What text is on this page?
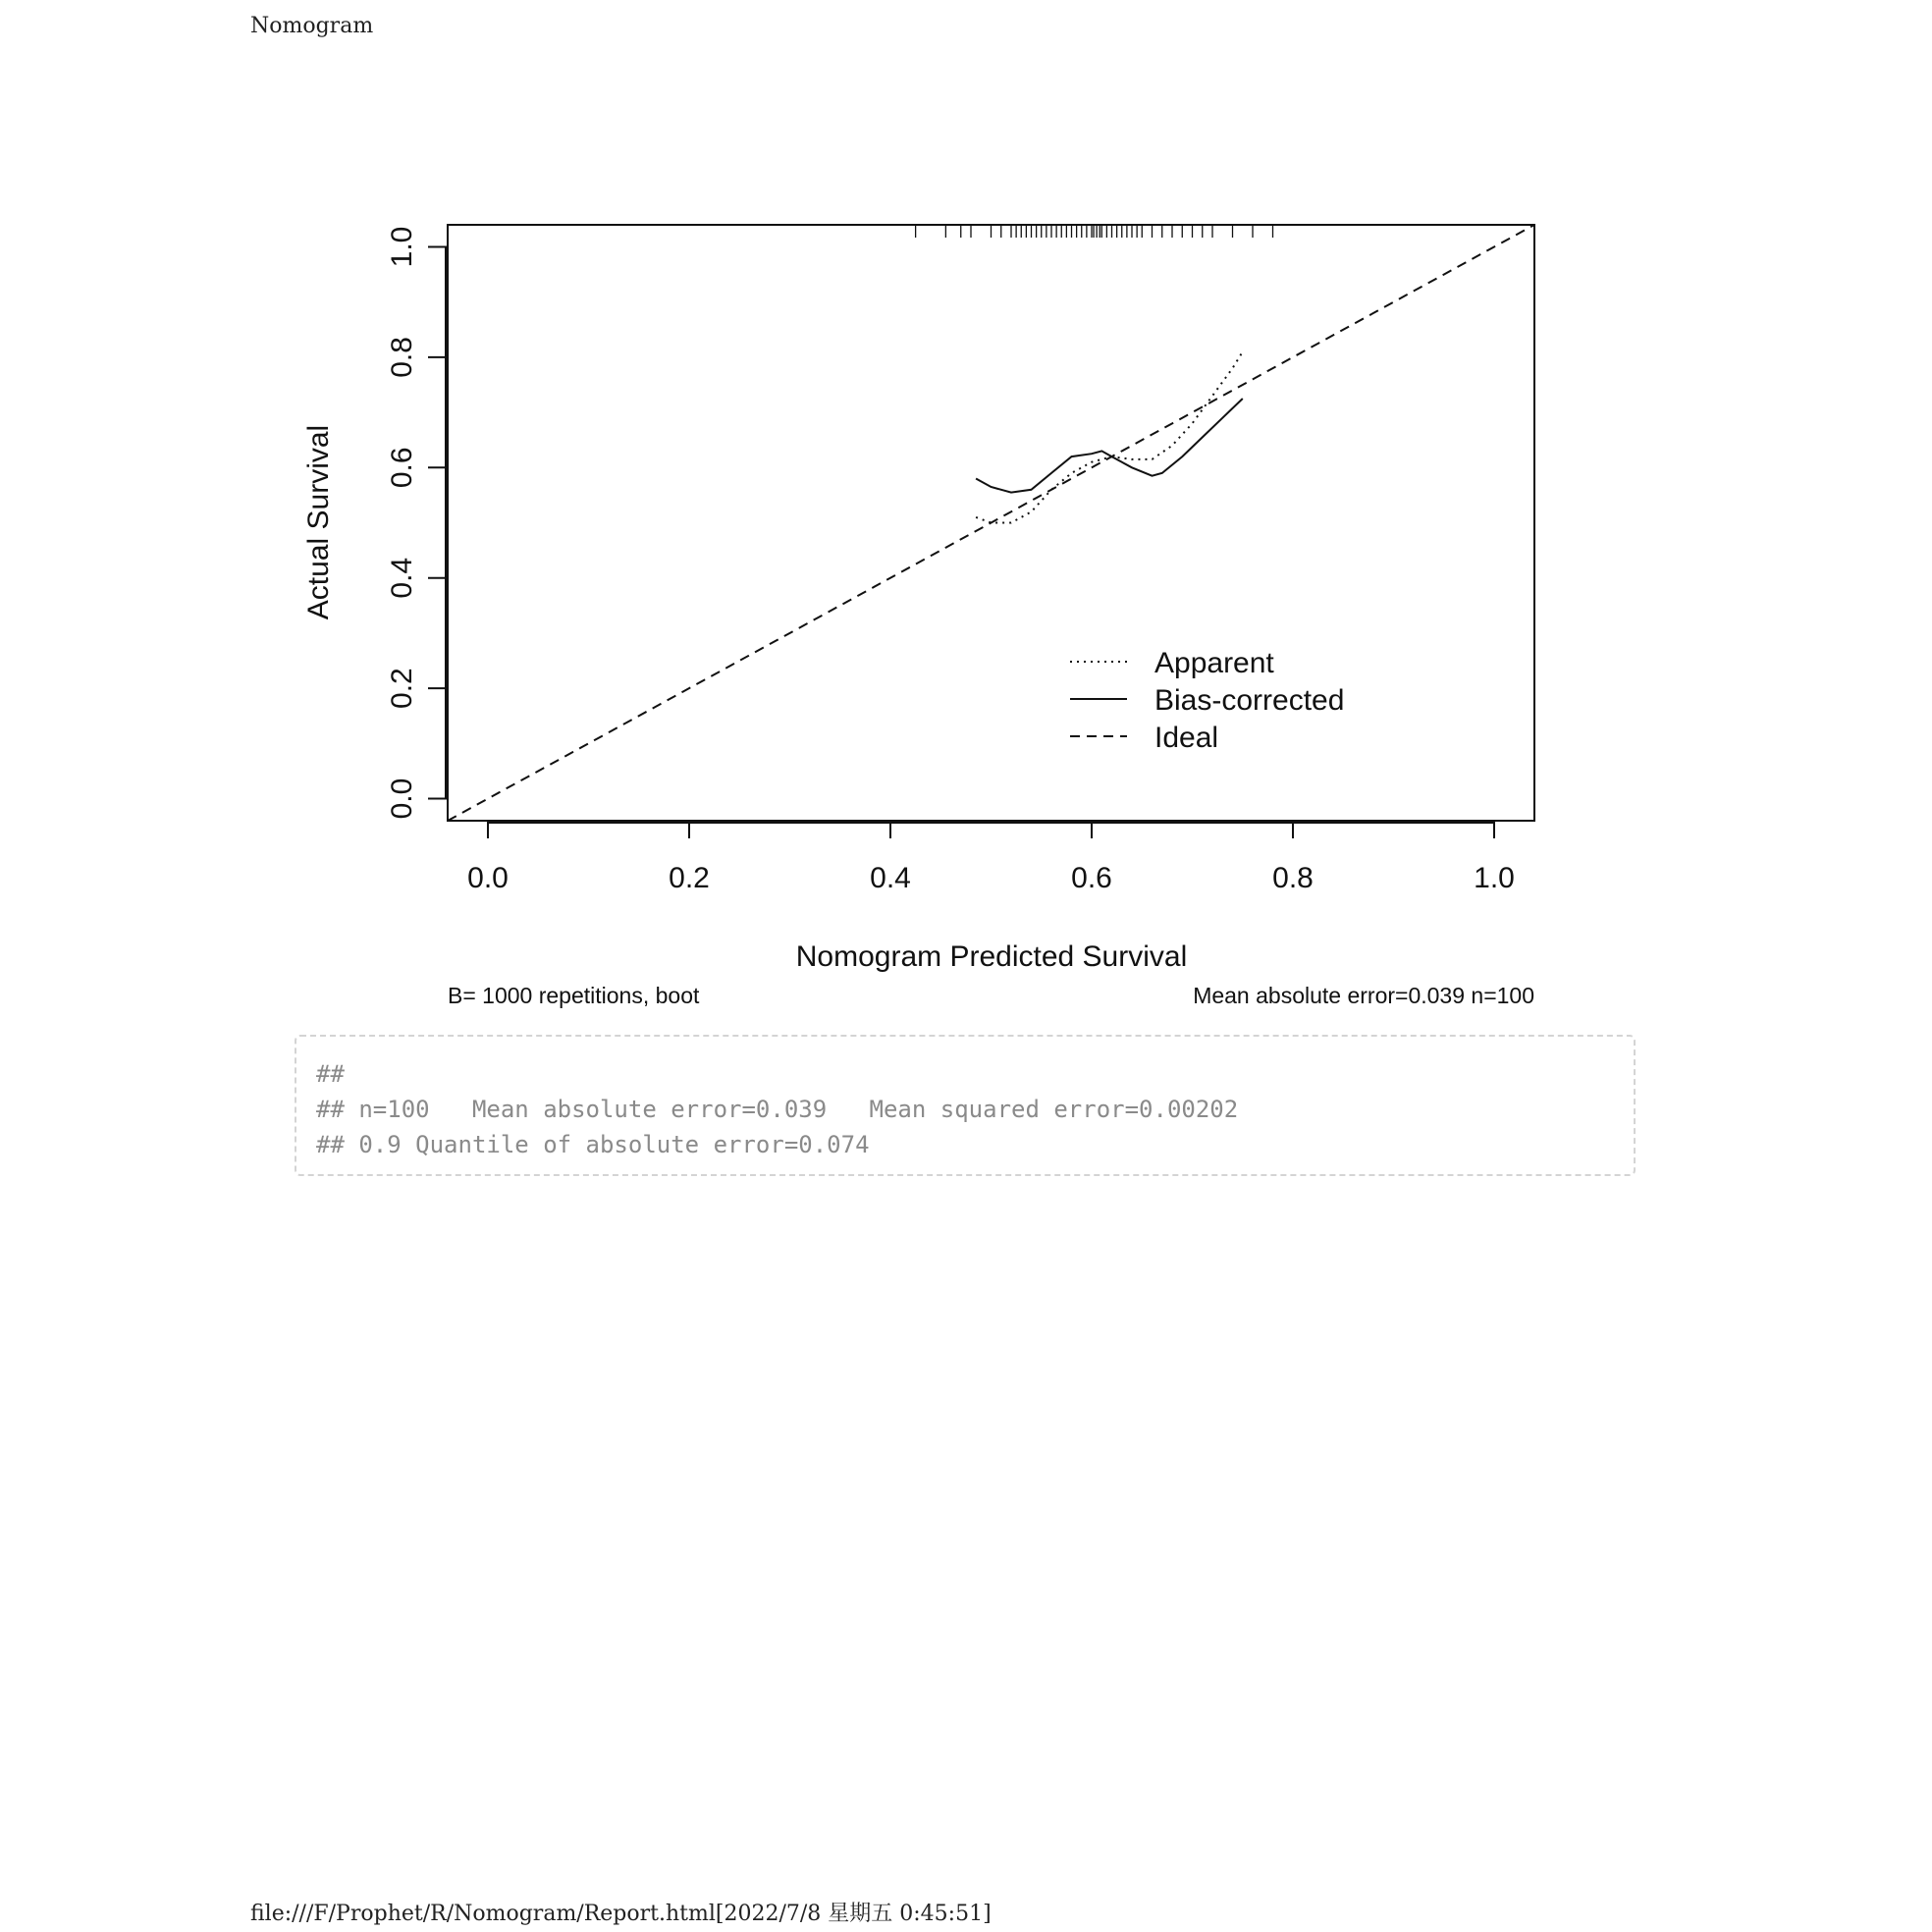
Nomogram
0.0	0.2	0.4	0.6	0.8	1.0
0.0
0.2
0.4
0.6
0.8
1.0
Apparent
Bias-corrected
Ideal
Nomogram Predicted Survival
Actual Survival
B= 1000 repetitions, boot	Mean absolute error=0.039 n=100

##

## n=100   Mean absolute error=0.039   Mean squared error=0.00202

## 0.9 Quantile of absolute error=0.074

file:///F/Prophet/R/Nomogram/Report.html[2022/7/8 星期五 0:45:51]
